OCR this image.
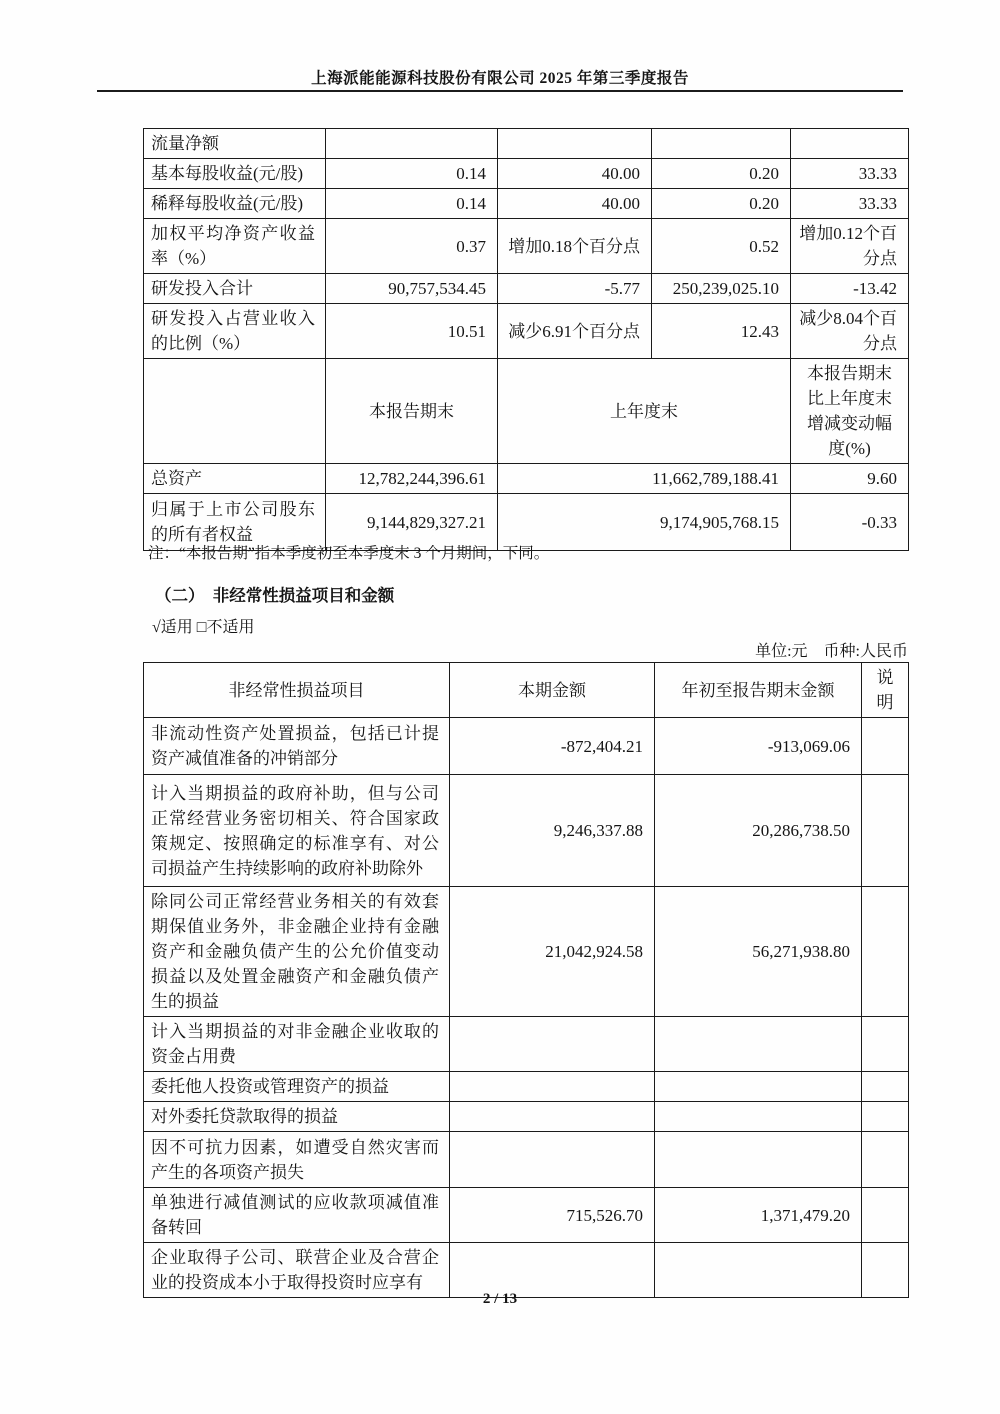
上海派能能源科技股份有限公司 2025 年第三季度报告
流量净额				
基本每股收益(元/股)	0.14	40.00	0.20	33.33
稀释每股收益(元/股)	0.14	40.00	0.20	33.33
加权平均净资产收益率（%）	0.37	增加0.18个百分点	0.52	增加0.12个百分点
研发投入合计	90,757,534.45	-5.77	250,239,025.10	-13.42
研发投入占营业收入的比例（%）	10.51	减少6.91个百分点	12.43	减少8.04个百分点
	本报告期末	上年度末		本报告期末比上年度末增减变动幅度(%)
总资产	12,782,244,396.61	11,662,789,188.41		9.60
归属于上市公司股东的所有者权益	9,144,829,327.21	9,174,905,768.15		-0.33
注：“本报告期”指本季度初至本季度末 3 个月期间，下同。
（二）　非经常性损益项目和金额
√适用 □不适用
单位:元　币种:人民币
非经常性损益项目	本期金额	年初至报告期末金额	说明
非流动性资产处置损益，包括已计提资产减值准备的冲销部分	-872,404.21	-913,069.06	
计入当期损益的政府补助，但与公司正常经营业务密切相关、符合国家政策规定、按照确定的标准享有、对公司损益产生持续影响的政府补助除外	9,246,337.88	20,286,738.50	
除同公司正常经营业务相关的有效套期保值业务外，非金融企业持有金融资产和金融负债产生的公允价值变动损益以及处置金融资产和金融负债产生的损益	21,042,924.58	56,271,938.80	
计入当期损益的对非金融企业收取的资金占用费			
委托他人投资或管理资产的损益			
对外委托贷款取得的损益			
因不可抗力因素，如遭受自然灾害而产生的各项资产损失			
单独进行减值测试的应收款项减值准备转回	715,526.70	1,371,479.20	
企业取得子公司、联营企业及合营企业的投资成本小于取得投资时应享有			
2 / 13
